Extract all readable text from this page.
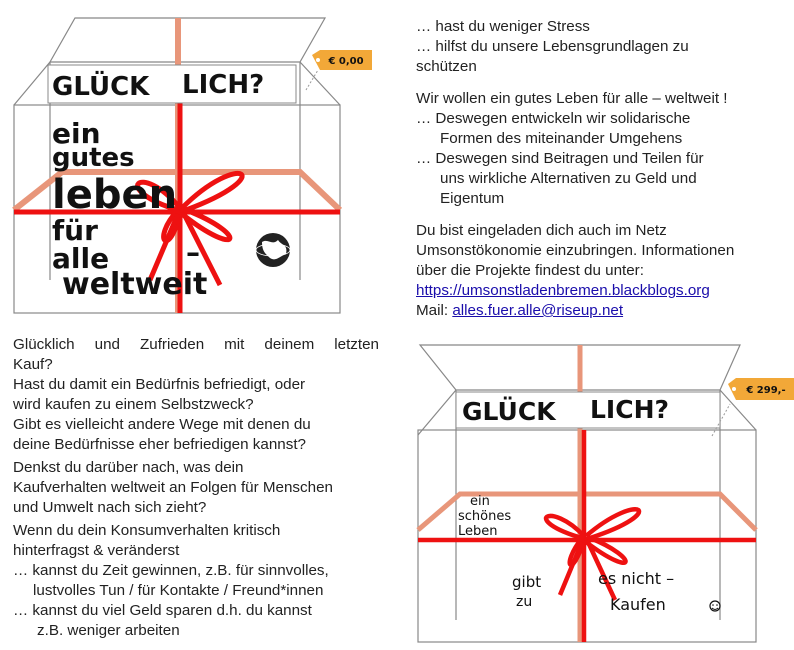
€ 0,00
GLÜCK LICH?
ein
gutes
leben
für
alle	–
weltweit
€ 299,-
GLÜCK LICH?
ein
schönes
Leben
gibt	es nicht –
zu	Kaufen

Glücklich und Zufrieden mit deinem letzten

Kauf?

Hast du damit ein Bedürfnis befriedigt, oder

wird kaufen zu einem Selbstzweck?

Gibt es vielleicht andere Wege mit denen du

deine Bedürfnisse eher befriedigen kannst?

Denkst du darüber nach, was dein

Kaufverhalten weltweit an Folgen für Menschen

und Umwelt nach sich zieht?

Wenn du dein Konsumverhalten kritisch

hinterfragst & veränderst

… kannst du Zeit gewinnen, z.B. für sinnvolles,

lustvolles Tun / für Kontakte / Freund*innen

… kannst du viel Geld sparen d.h. du kannst

z.B. weniger arbeiten

… hast du weniger Stress

… hilfst du unsere Lebensgrundlagen zu

schützen

Wir wollen ein gutes Leben für alle – weltweit !

… Deswegen entwickeln wir solidarische

Formen des miteinander Umgehens

… Deswegen sind Beitragen und Teilen für

uns wirkliche Alternativen zu Geld und

Eigentum

Du bist eingeladen dich auch im Netz

Umsonstökonomie einzubringen. Informationen

über die Projekte findest du unter:

https://umsonstladenbremen.blackblogs.org

Mail: alles.fuer.alle@riseup.net
